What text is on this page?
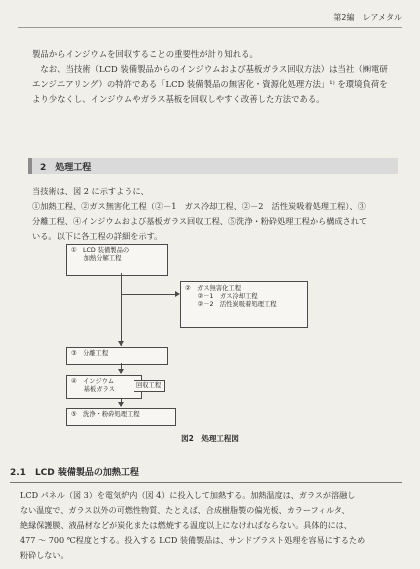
第2編　レアメタル
製品からインジウムを回収することの重要性が計り知れる。
　なお、当技術（LCD 装備製品からのインジウムおよび基板ガラス回収方法）は当社（㈱電研
エンジニアリング）の特許である「LCD 装備製品の無害化・資源化処理方法」¹⁾ を環境負荷を
より少なくし、インジウムやガラス基板を回収しやすく改善した方法である。
2　処理工程
当技術は、図 2 に示すように、
①加熱工程、②ガス無害化工程（②－1　ガス冷却工程、②－2　活性炭吸着処理工程）、③
分離工程、④インジウムおよび基板ガラス回収工程、⑤洗浄・粉砕処理工程から構成されて
いる。以下に各工程の詳細を示す。
①　LCD 装備製品の
　　加熱分解工程
②　ガス無害化工程
　　②－1　ガス冷却工程
　　②－2　活性炭吸着処理工程
③　分離工程
④　インジウム
　　基板ガラス
回収工程
⑤　洗浄・粉砕処理工程
図2　処理工程図
2.1　LCD 装備製品の加熱工程
LCD パネル（図 3）を電気炉内（図 4）に投入して加熱する。加熱温度は、ガラスが溶融し
ない温度で、ガラス以外の可燃性物質、たとえば、合成樹脂製の偏光板、カラーフィルタ、
絶縁保護膜、液晶材などが炭化または燃焼する温度以上になければならない。具体的には、
477 ～ 700 ℃程度とする。投入する LCD 装備製品は、サンドブラスト処理を容易にするため
粉砕しない。
